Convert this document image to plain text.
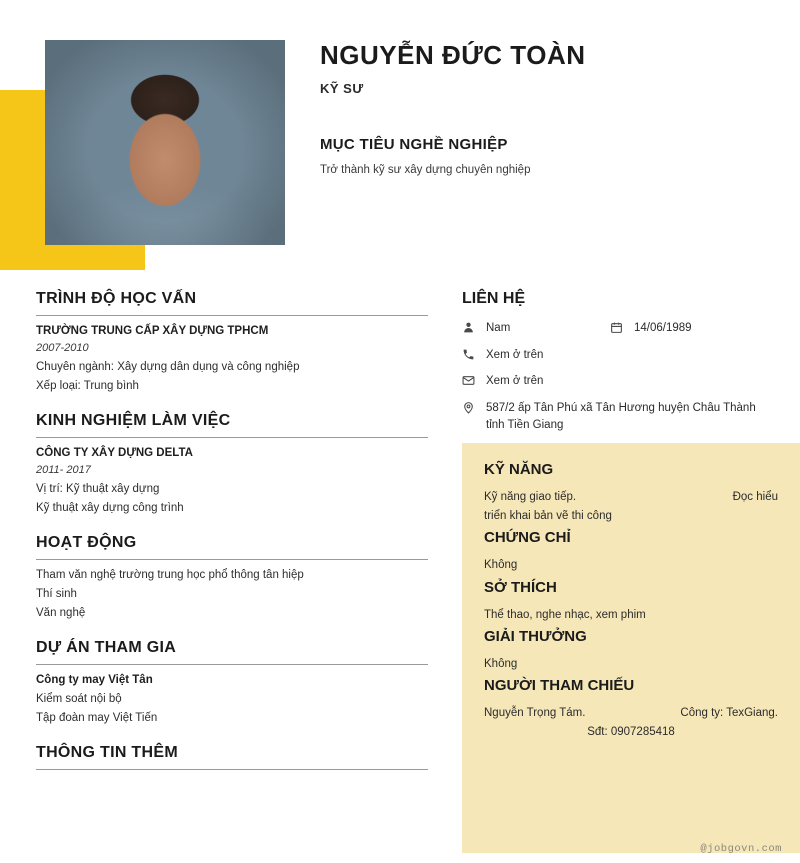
NGUYỄN ĐỨC TOÀN
KỸ SƯ
MỤC TIÊU NGHỀ NGHIỆP
Trở thành kỹ sư xây dựng chuyên nghiệp
TRÌNH ĐỘ HỌC VẤN
TRƯỜNG TRUNG CẤP XÂY DỰNG TPHCM
2007-2010
Chuyên ngành: Xây dựng dân dụng và công nghiệp
Xếp loại: Trung bình
KINH NGHIỆM LÀM VIỆC
CÔNG TY XÂY DỰNG DELTA
2011- 2017
Vị trí: Kỹ thuật xây dựng
Kỹ thuật xây dựng công trình
HOẠT ĐỘNG
Tham văn nghệ trường trung học phổ thông tân hiệp
Thí sinh
Văn nghệ
DỰ ÁN THAM GIA
Công ty may Việt Tân
Kiểm soát nội bộ
Tập đoàn may Việt Tiến
THÔNG TIN THÊM
LIÊN HỆ
Nam	14/06/1989
Xem ở trên
Xem ở trên
587/2 ấp Tân Phú xã Tân Hương huyện Châu Thành tỉnh Tiền Giang
KỸ NĂNG
Kỹ năng giao tiếp.
triển khai bản vẽ thi công
Đọc hiểu
CHỨNG CHỈ
Không
SỞ THÍCH
Thể thao, nghe nhạc, xem phim
GIẢI THƯỞNG
Không
NGƯỜI THAM CHIẾU
Nguyễn Trọng Tám.	Công ty: TexGiang.
Sđt: 0907285418
@jobgovn.com
